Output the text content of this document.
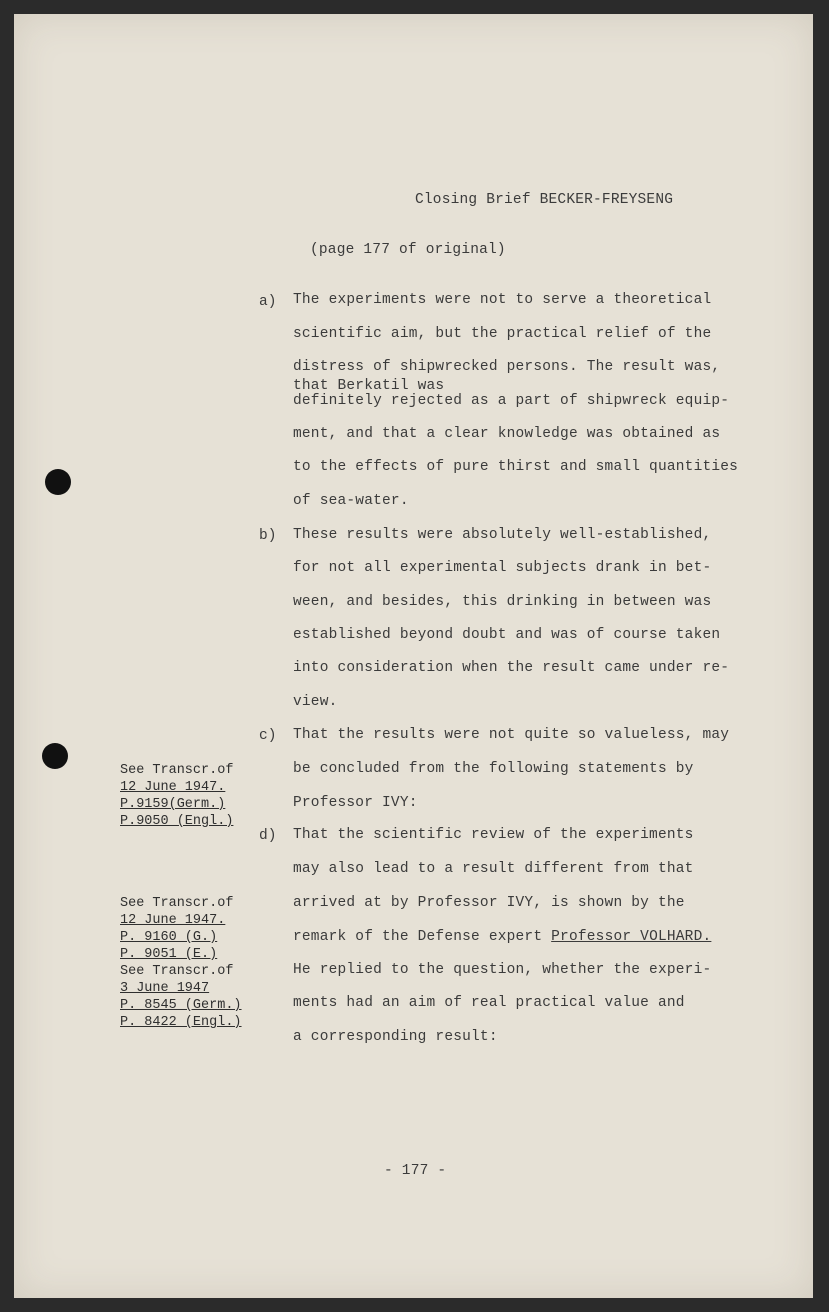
Closing Brief BECKER-FREYSENG
(page 177 of original)
a) The experiments were not to serve a theoretical
scientific aim, but the practical relief of the
distress of shipwrecked persons. The result was,
that Berkatil was
definitely rejected as a part of shipwreck equip-
ment, and that a clear knowledge was obtained as
to the effects of pure thirst and small quantities
of sea-water.
b) These results were absolutely well-established,
for not all experimental subjects drank in bet-
ween, and besides, this drinking in between was
established beyond doubt and was of course taken
into consideration when the result came under re-
view.
c) That the results were not quite so valueless, may
be concluded from the following statements by
Professor IVY:
d) That the scientific review of the experiments
may also lead to a result different from that
arrived at by Professor IVY, is shown by the
remark of the Defense expert Professor VOLHARD.
He replied to the question, whether the experi-
ments had an aim of real practical value and
a corresponding result:
See Transcr.of
12 June 1947.
P.9159(Germ.)
P.9050 (Engl.)
See Transcr.of
12 June 1947.
P. 9160 (G.)
P. 9051 (E.)
See Transcr.of
3 June 1947
P. 8545 (Germ.)
P. 8422 (Engl.)
- 177 -
